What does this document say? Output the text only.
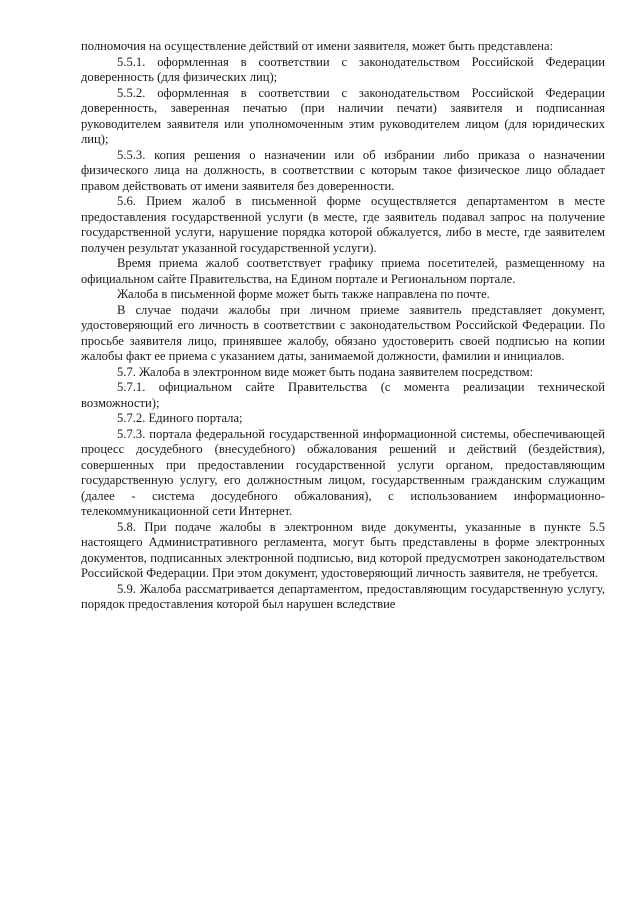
полномочия на осуществление действий от имени заявителя, может быть представлена:

5.5.1. оформленная в соответствии с законодательством Российской Федерации доверенность (для физических лиц);

5.5.2. оформленная в соответствии с законодательством Российской Федерации доверенность, заверенная печатью (при наличии печати) заявителя и подписанная руководителем заявителя или уполномоченным этим руководителем лицом (для юридических лиц);

5.5.3. копия решения о назначении или об избрании либо приказа о назначении физического лица на должность, в соответствии с которым такое физическое лицо обладает правом действовать от имени заявителя без доверенности.

5.6. Прием жалоб в письменной форме осуществляется департаментом в месте предоставления государственной услуги (в месте, где заявитель подавал запрос на получение государственной услуги, нарушение порядка которой обжалуется, либо в месте, где заявителем получен результат указанной государственной услуги).

Время приема жалоб соответствует графику приема посетителей, размещенному на официальном сайте Правительства, на Едином портале и Региональном портале.

Жалоба в письменной форме может быть также направлена по почте.

В случае подачи жалобы при личном приеме заявитель представляет документ, удостоверяющий его личность в соответствии с законодательством Российской Федерации. По просьбе заявителя лицо, принявшее жалобу, обязано удостоверить своей подписью на копии жалобы факт ее приема с указанием даты, занимаемой должности, фамилии и инициалов.

5.7. Жалоба в электронном виде может быть подана заявителем посредством:

5.7.1. официальном сайте Правительства (с момента реализации технической возможности);

5.7.2. Единого портала;

5.7.3. портала федеральной государственной информационной системы, обеспечивающей процесс досудебного (внесудебного) обжалования решений и действий (бездействия), совершенных при предоставлении государственной услуги органом, предоставляющим государственную услугу, его должностным лицом, государственным гражданским служащим (далее - система досудебного обжалования), с использованием информационно-телекоммуникационной сети Интернет.

5.8. При подаче жалобы в электронном виде документы, указанные в пункте 5.5 настоящего Административного регламента, могут быть представлены в форме электронных документов, подписанных электронной подписью, вид которой предусмотрен законодательством Российской Федерации. При этом документ, удостоверяющий личность заявителя, не требуется.

5.9. Жалоба рассматривается департаментом, предоставляющим государственную услугу, порядок предоставления которой был нарушен вследствие
